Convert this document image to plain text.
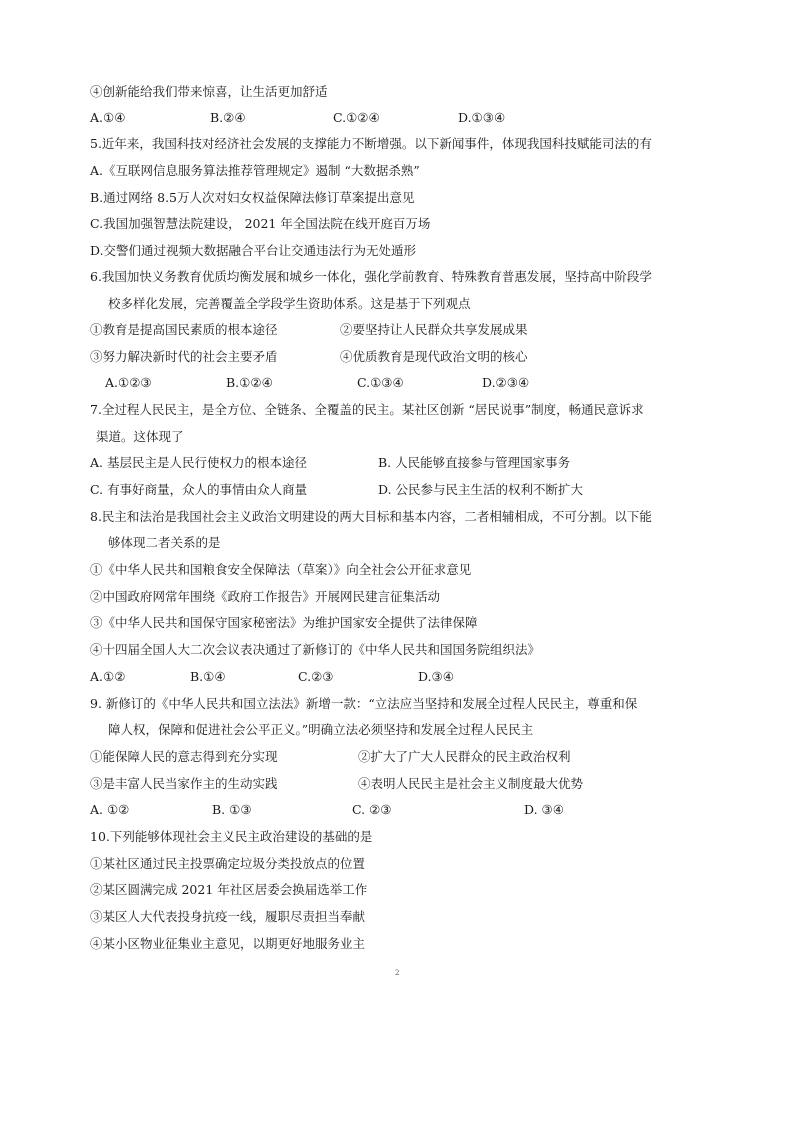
④创新能给我们带来惊喜，让生活更加舒适
A.①④	B.②④	C.①②④	D.①③④
5.近年来，我国科技对经济社会发展的支撑能力不断增强。以下新闻事件，体现我国科技赋能司法的有
A.《互联网信息服务算法推荐管理规定》遏制 “大数据杀熟”
B.通过网络 8.5万人次对妇女权益保障法修订草案提出意见
C.我国加强智慧法院建设， 2021 年全国法院在线开庭百万场
D.交警们通过视频大数据融合平台让交通违法行为无处遁形
6.我国加快义务教育优质均衡发展和城乡一体化，强化学前教育、特殊教育普惠发展，坚持高中阶段学
校多样化发展，完善覆盖全学段学生资助体系。这是基于下列观点
①教育是提高国民素质的根本途径	②要坚持让人民群众共享发展成果
③努力解决新时代的社会主要矛盾	④优质教育是现代政治文明的核心
A.①②③	B.①②④	C.①③④	D.②③④
7.全过程人民民主，是全方位、全链条、全覆盖的民主。某社区创新 “居民说事”制度，畅通民意诉求
渠道。这体现了
A. 基层民主是人民行使权力的根本途径	B. 人民能够直接参与管理国家事务
C. 有事好商量，众人的事情由众人商量	D. 公民参与民主生活的权利不断扩大
8.民主和法治是我国社会主义政治文明建设的两大目标和基本内容，二者相辅相成，不可分割。以下能
够体现二者关系的是
①《中华人民共和国粮食安全保障法（草案）》向全社会公开征求意见
②中国政府网常年围绕《政府工作报告》开展网民建言征集活动
③《中华人民共和国保守国家秘密法》为维护国家安全提供了法律保障
④十四届全国人大二次会议表决通过了新修订的《中华人民共和国国务院组织法》
A.①②	B.①④	C.②③	D.③④
9. 新修订的《中华人民共和国立法法》新增一款：“立法应当坚持和发展全过程人民民主，尊重和保
障人权，保障和促进社会公平正义。”明确立法必须坚持和发展全过程人民民主
①能保障人民的意志得到充分实现	②扩大了广大人民群众的民主政治权利
③是丰富人民当家作主的生动实践	④表明人民民主是社会主义制度最大优势
A. ①②	B. ①③	C. ②③	D. ③④
10.下列能够体现社会主义民主政治建设的基础的是
①某社区通过民主投票确定垃圾分类投放点的位置
②某区圆满完成 2021 年社区居委会换届选举工作
③某区人大代表投身抗疫一线，履职尽责担当奉献
④某小区物业征集业主意见，以期更好地服务业主
2
